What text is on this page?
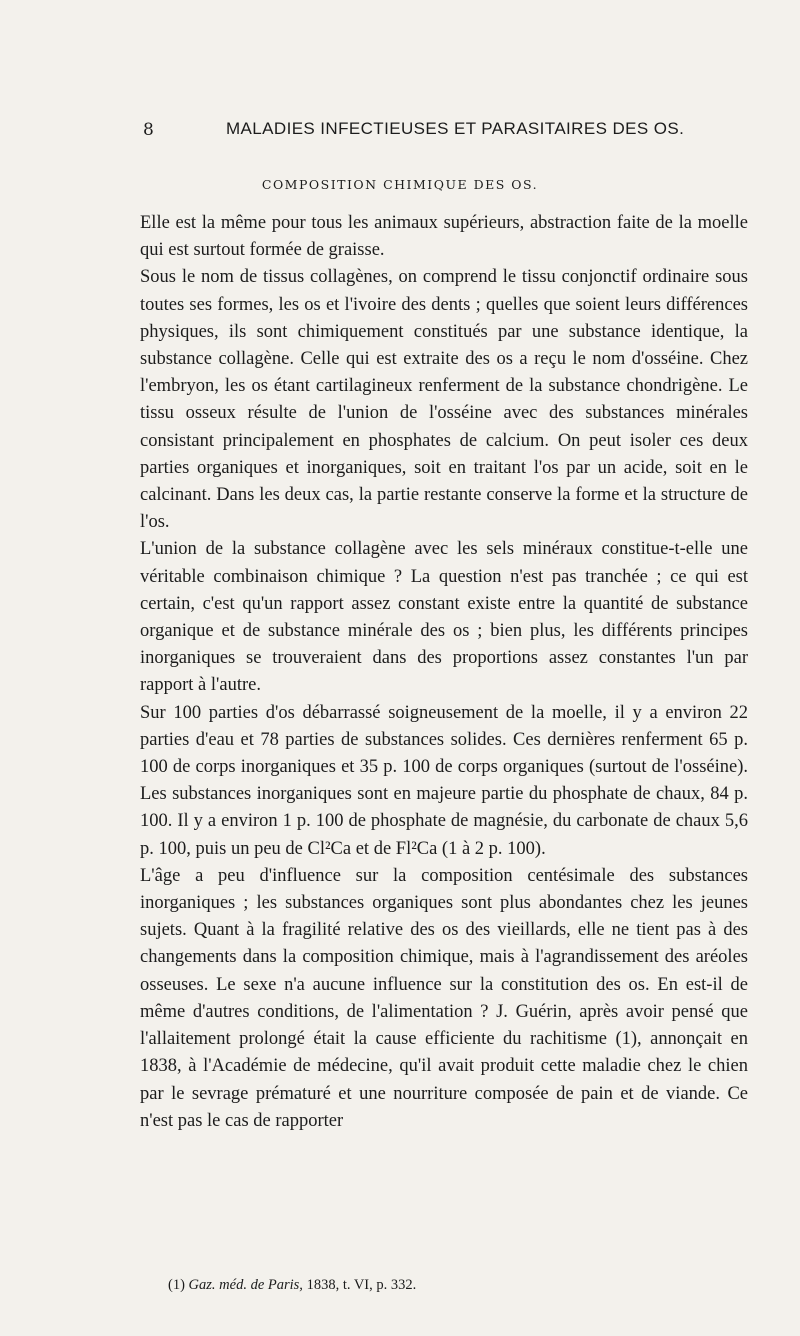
8	MALADIES INFECTIEUSES ET PARASITAIRES DES OS.
COMPOSITION CHIMIQUE DES OS.

Elle est la même pour tous les animaux supérieurs, abstraction faite de la moelle qui est surtout formée de graisse.

Sous le nom de tissus collagènes, on comprend le tissu conjonctif ordinaire sous toutes ses formes, les os et l'ivoire des dents ; quelles que soient leurs différences physiques, ils sont chimiquement constitués par une substance identique, la substance collagène. Celle qui est extraite des os a reçu le nom d'osséine. Chez l'embryon, les os étant cartilagineux renferment de la substance chondrigène. Le tissu osseux résulte de l'union de l'osséine avec des substances minérales consistant principalement en phosphates de calcium. On peut isoler ces deux parties organiques et inorganiques, soit en traitant l'os par un acide, soit en le calcinant. Dans les deux cas, la partie restante conserve la forme et la structure de l'os.

L'union de la substance collagène avec les sels minéraux constitue-t-elle une véritable combinaison chimique ? La question n'est pas tranchée ; ce qui est certain, c'est qu'un rapport assez constant existe entre la quantité de substance organique et de substance minérale des os ; bien plus, les différents principes inorganiques se trouveraient dans des proportions assez constantes l'un par rapport à l'autre.

Sur 100 parties d'os débarrassé soigneusement de la moelle, il y a environ 22 parties d'eau et 78 parties de substances solides. Ces dernières renferment 65 p. 100 de corps inorganiques et 35 p. 100 de corps organiques (surtout de l'osséine). Les substances inorganiques sont en majeure partie du phosphate de chaux, 84 p. 100. Il y a environ 1 p. 100 de phosphate de magnésie, du carbonate de chaux 5,6 p. 100, puis un peu de Cl²Ca et de Fl²Ca (1 à 2 p. 100).

L'âge a peu d'influence sur la composition centésimale des substances inorganiques ; les substances organiques sont plus abondantes chez les jeunes sujets. Quant à la fragilité relative des os des vieillards, elle ne tient pas à des changements dans la composition chimique, mais à l'agrandissement des aréoles osseuses. Le sexe n'a aucune influence sur la constitution des os. En est-il de même d'autres conditions, de l'alimentation ? J. Guérin, après avoir pensé que l'allaitement prolongé était la cause efficiente du rachitisme (1), annonçait en 1838, à l'Académie de médecine, qu'il avait produit cette maladie chez le chien par le sevrage prématuré et une nourriture composée de pain et de viande. Ce n'est pas le cas de rapporter

(1) Gaz. méd. de Paris, 1838, t. VI, p. 332.
